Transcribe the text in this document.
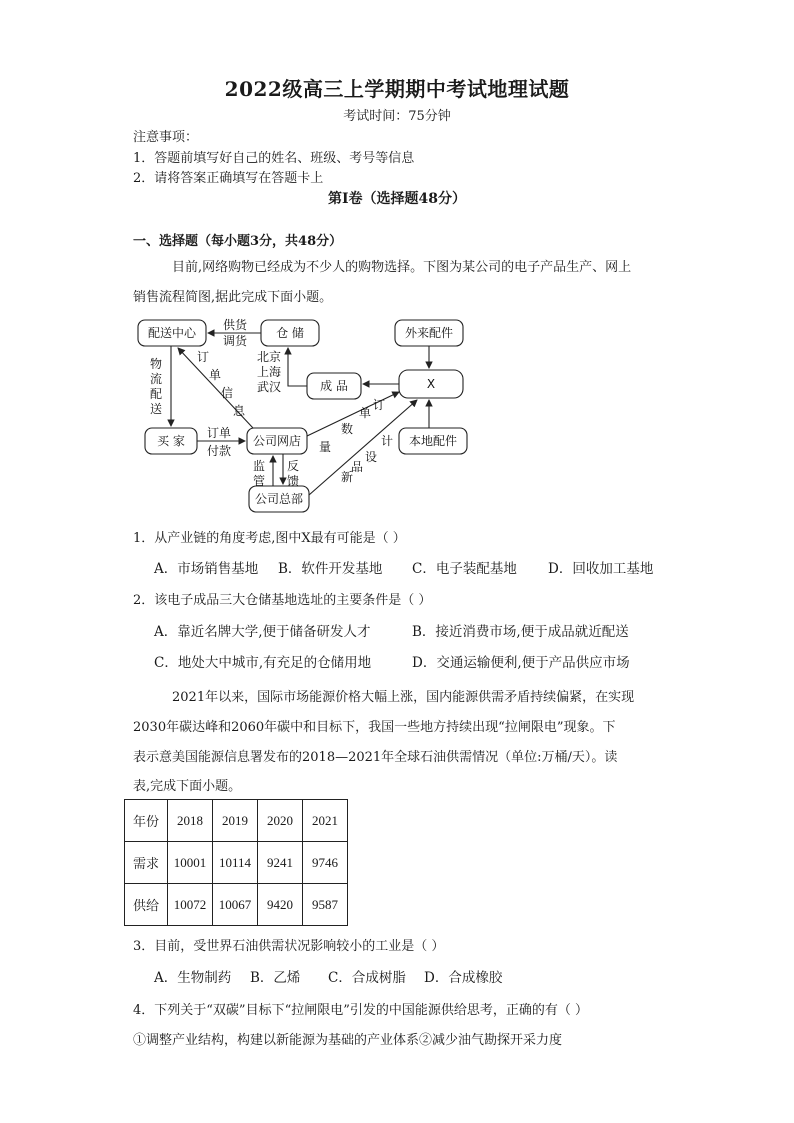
2022级高三上学期期中考试地理试题
考试时间：75分钟
注意事项：
1．答题前填写好自己的姓名、班级、考号等信息
2．请将答案正确填写在答题卡上
第I卷（选择题48分）
一、选择题（每小题3分，共48分）
目前,网络购物已经成为不少人的购物选择。下图为某公司的电子产品生产、网上
销售流程简图,据此完成下面小题。
配送中心	仓 储	外来配件
X
成 品
买 家	公司网店	本地配件
公司总部
供货
调货
北京
上海
武汉
物
流
配
送
订
单
信
息
订单
付款
监
管
反
馈
订
单
数
量
设
计
新
品
1．从产业链的角度考虑,图中X最有可能是（ ）
A．市场销售基地 B．软件开发基地 C．电子装配基地 D．回收加工基地
2．该电子成品三大仓储基地选址的主要条件是（ ）
A．靠近名牌大学,便于储备研发人才	B．接近消费市场,便于成品就近配送
C．地处大中城市,有充足的仓储用地	D．交通运输便利,便于产品供应市场
2021年以来，国际市场能源价格大幅上涨，国内能源供需矛盾持续偏紧，在实现
2030年碳达峰和2060年碳中和目标下，我国一些地方持续出现“拉闸限电”现象。下
表示意美国能源信息署发布的2018—2021年全球石油供需情况（单位:万桶/天）。读
表,完成下面小题。
年份	2018	2019	2020	2021
需求	10001	10114	9241	9746
供给	10072	10067	9420	9587
3．目前，受世界石油供需状况影响较小的工业是（ ）
A．生物制药 B．乙烯 C．合成树脂 D．合成橡胶
4．下列关于“双碳”目标下“拉闸限电”引发的中国能源供给思考，正确的有（ ）
①调整产业结构，构建以新能源为基础的产业体系②减少油气勘探开采力度
